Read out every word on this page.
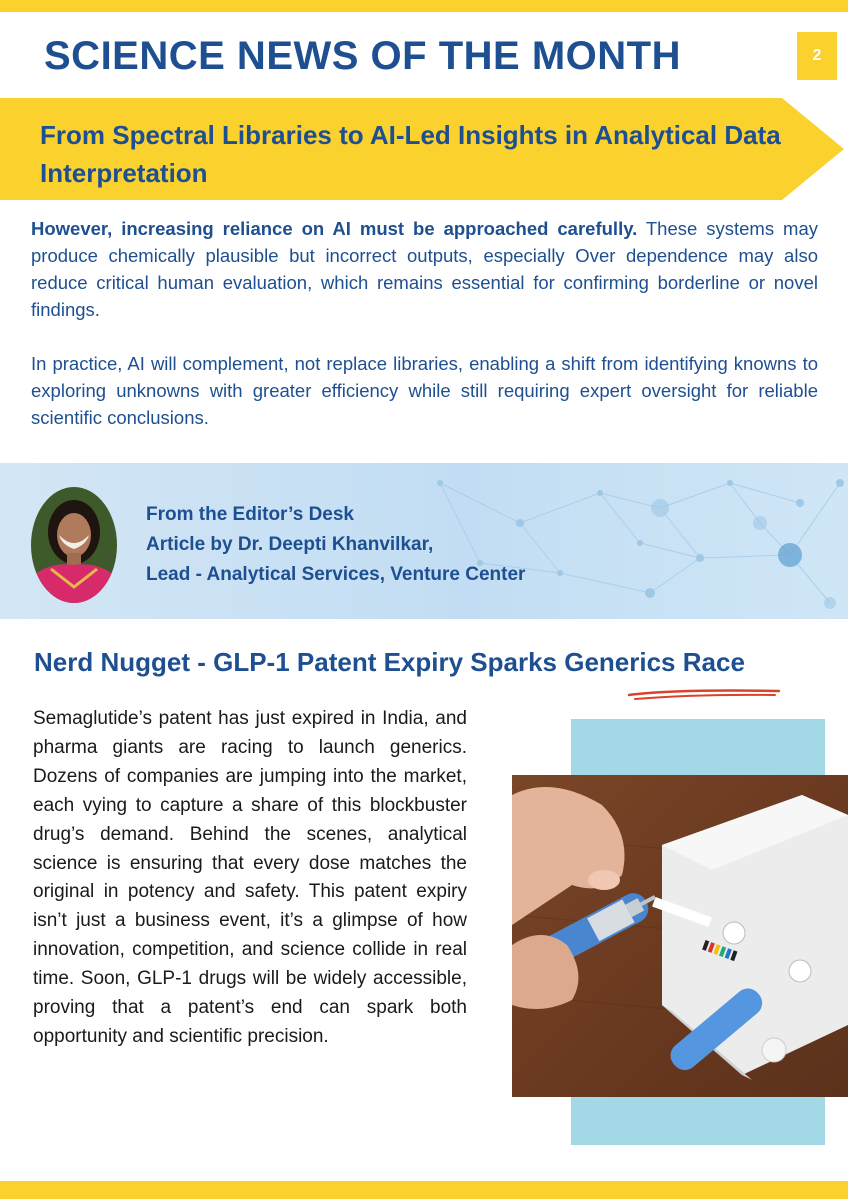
SCIENCE NEWS OF THE MONTH	2
From Spectral Libraries to AI-Led Insights in Analytical Data Interpretation

However, increasing reliance on AI must be approached carefully. These systems may produce chemically plausible but incorrect outputs, especially Over dependence may also reduce critical human evaluation, which remains essential for confirming borderline or novel findings.

In practice, AI will complement, not replace libraries, enabling a shift from identifying knowns to exploring unknowns with greater efficiency while still requiring expert oversight for reliable scientific conclusions.

From the Editor’s Desk
Article by Dr. Deepti Khanvilkar,
Lead - Analytical Services, Venture Center
Nerd Nugget - GLP-1 Patent Expiry Sparks Generics Race

Semaglutide’s patent has just expired in India, and pharma giants are racing to launch generics. Dozens of companies are jumping into the market, each vying to capture a share of this blockbuster drug’s demand. Behind the scenes, analytical science is ensuring that every dose matches the original in potency and safety. This patent expiry isn’t just a business event, it’s a glimpse of how innovation, competition, and science collide in real time. Soon, GLP-1 drugs will be widely accessible, proving that a patent’s end can spark both opportunity and scientific precision.
